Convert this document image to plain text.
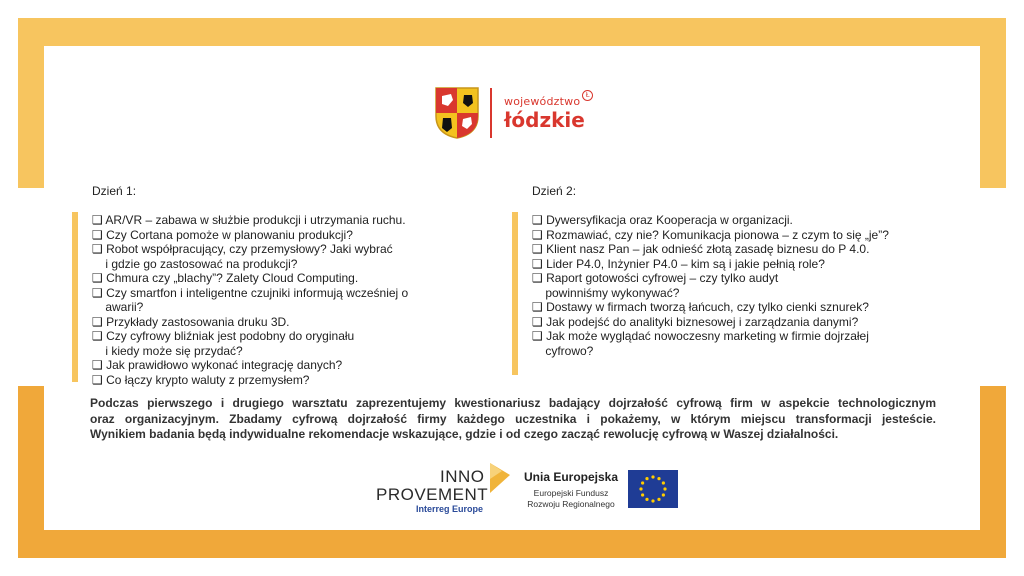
województwo Ł
łódzkie
Dzień 1:
❑ AR/VR – zabawa w służbie produkcji i utrzymania ruchu.
❑ Czy Cortana pomoże w planowaniu produkcji?
❑ Robot współpracujący, czy przemysłowy? Jaki wybrać
i gdzie go zastosować na produkcji?
❑ Chmura czy „blachy”? Zalety Cloud Computing.
❑ Czy smartfon i inteligentne czujniki informują wcześniej o
awarii?
❑ Przykłady zastosowania druku 3D.
❑ Czy cyfrowy bliźniak jest podobny do oryginału
i kiedy może się przydać?
❑ Jak prawidłowo wykonać integrację danych?
❑ Co łączy krypto waluty z przemysłem?
Dzień 2:
❑ Dywersyfikacja oraz Kooperacja w organizacji.
❑ Rozmawiać, czy nie? Komunikacja pionowa – z czym to się „je”?
❑ Klient nasz Pan – jak odnieść złotą zasadę biznesu do P 4.0.
❑ Lider P4.0, Inżynier P4.0 – kim są i jakie pełnią role?
❑ Raport gotowości cyfrowej – czy tylko audyt
powinniśmy wykonywać?
❑ Dostawy w firmach tworzą łańcuch, czy tylko cienki sznurek?
❑ Jak podejść do analityki biznesowej i zarządzania danymi?
❑ Jak może wyglądać nowoczesny marketing w firmie dojrzałej
cyfrowo?
Podczas pierwszego i drugiego warsztatu zaprezentujemy kwestionariusz badający dojrzałość cyfrową firm w aspekcie technologicznym
oraz organizacyjnym. Zbadamy cyfrową dojrzałość firmy każdego uczestnika i pokażemy, w którym miejscu transformacji jesteście.
Wynikiem badania będą indywidualne rekomendacje wskazujące, gdzie i od czego zacząć rewolucję cyfrową w Waszej działalności.
INNO
PROVEMENT
Interreg Europe
Unia Europejska
Europejski Fundusz
Rozwoju Regionalnego
